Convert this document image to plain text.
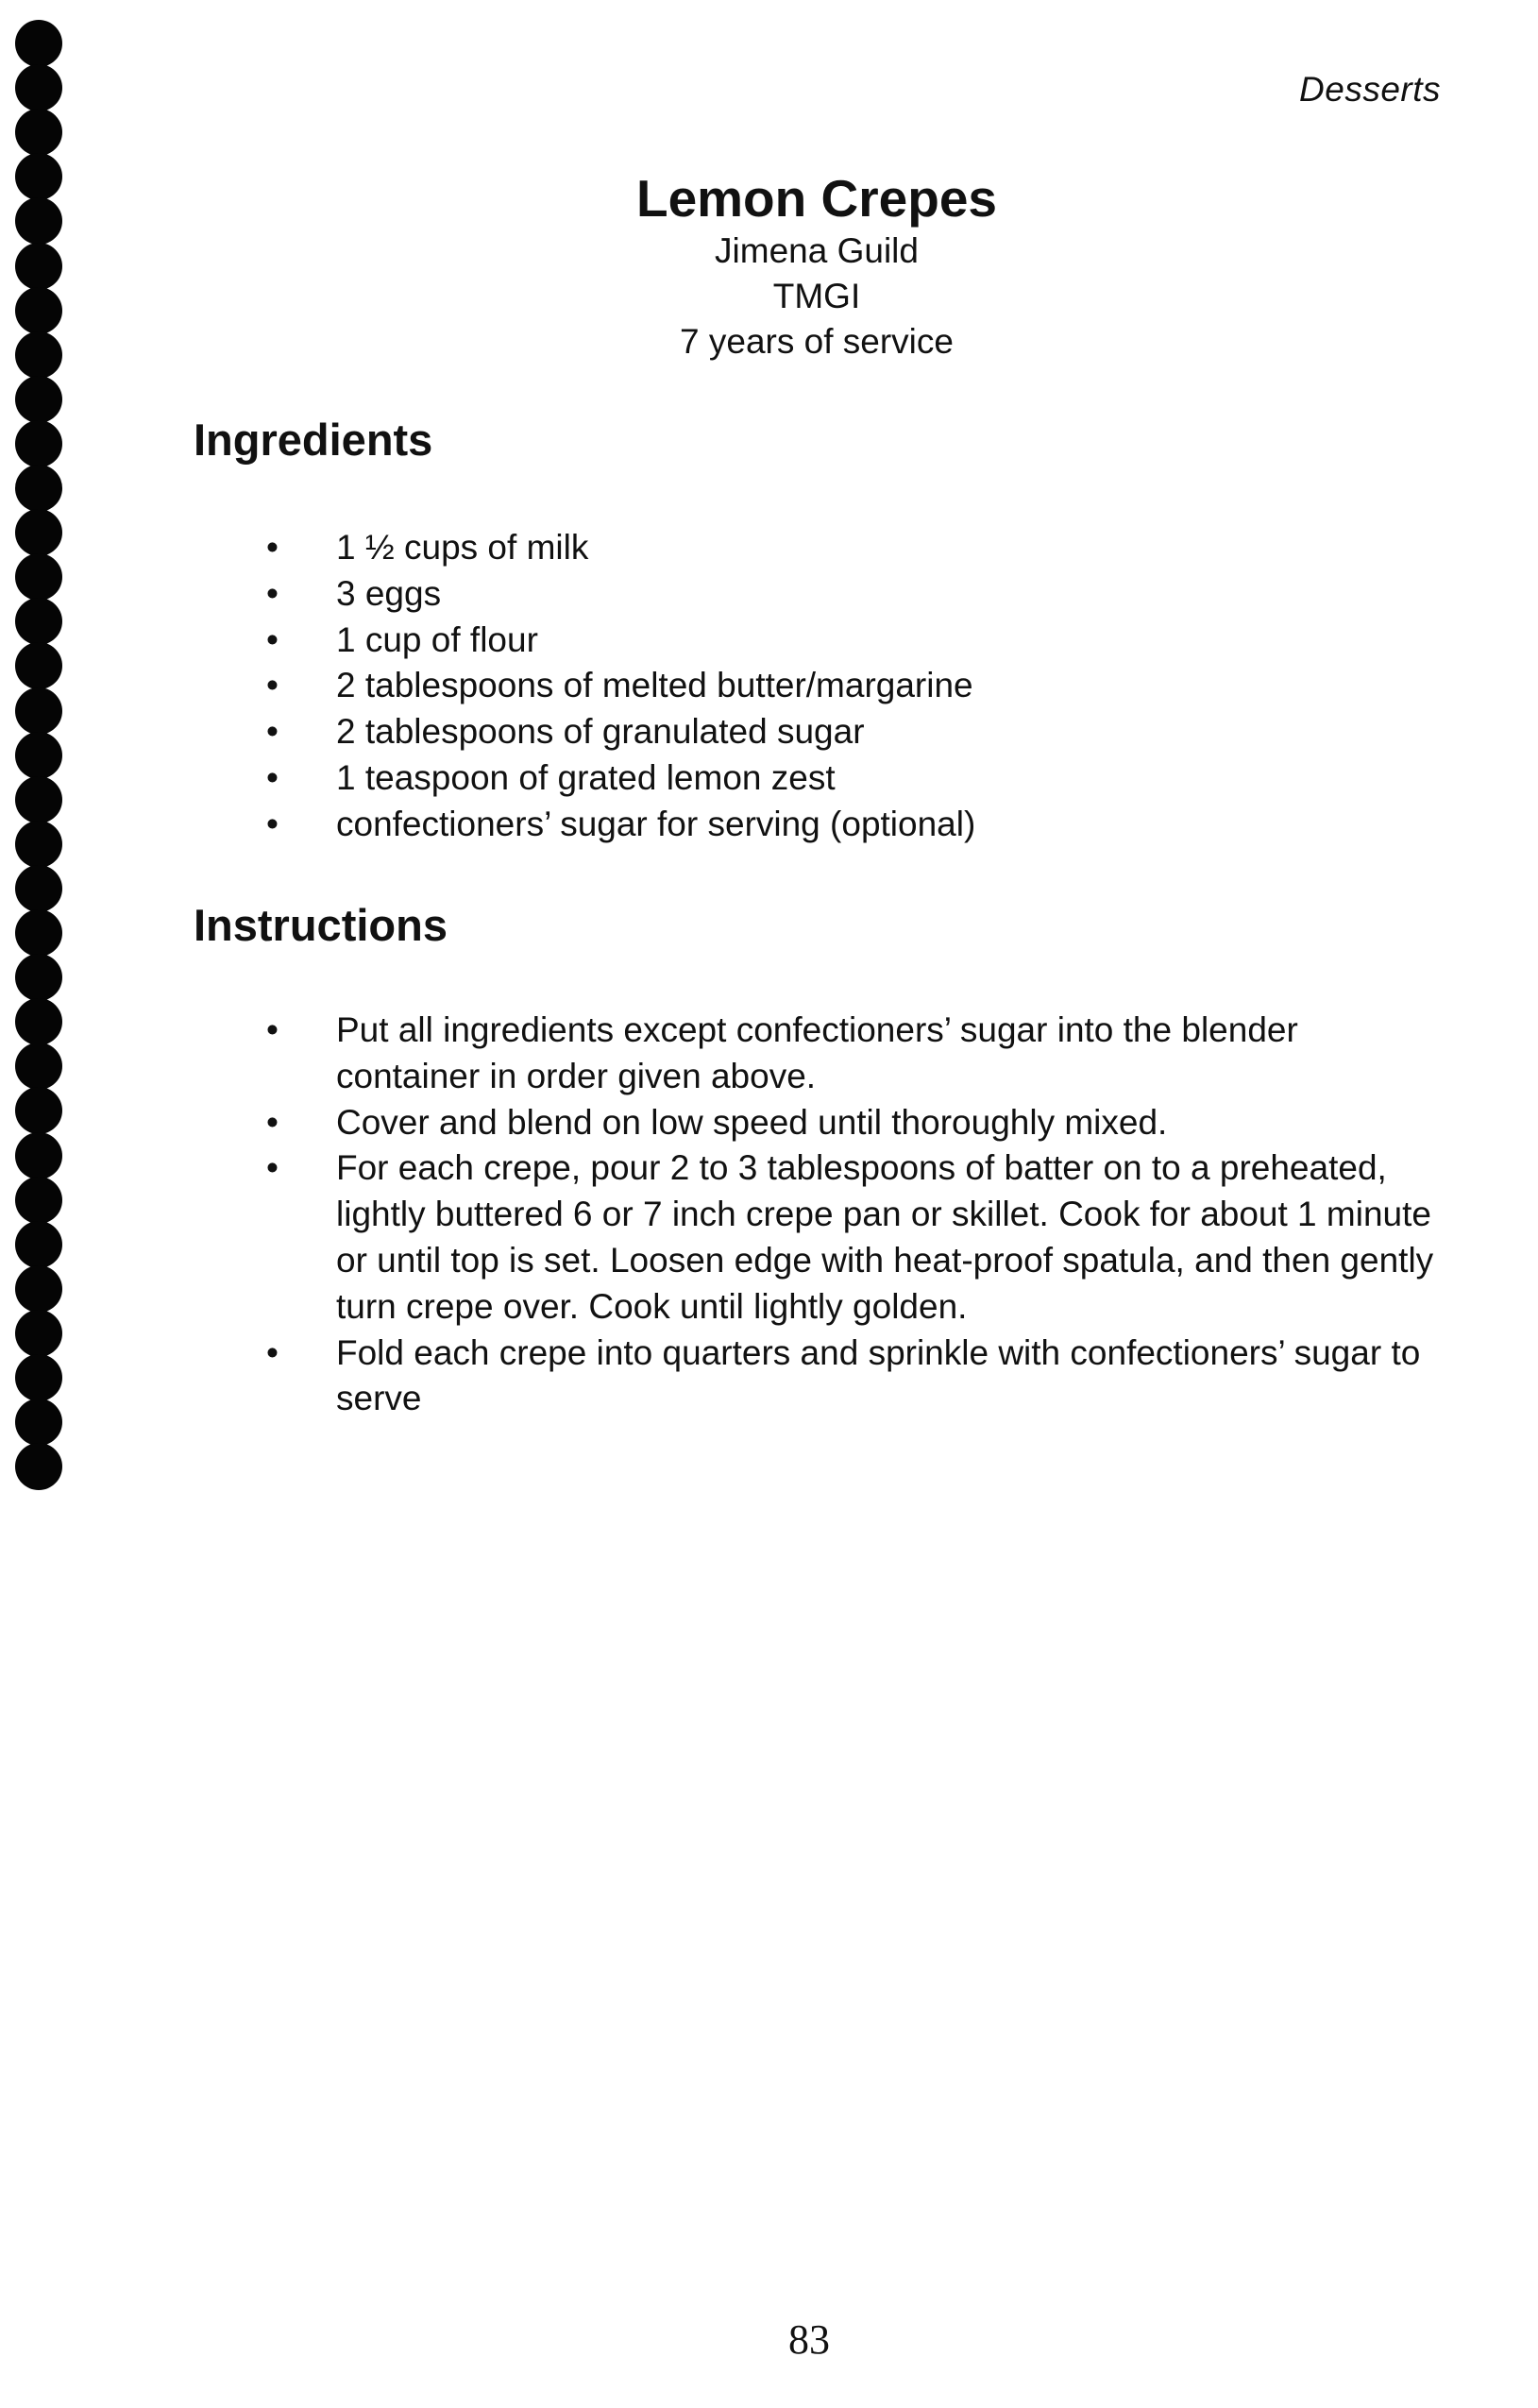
Desserts

Lemon Crepes

Jimena Guild

TMGI

7 years of service

Ingredients
• 1 ½ cups of milk
• 3 eggs
• 1 cup of flour
• 2 tablespoons of melted butter/margarine
• 2 tablespoons of granulated sugar
• 1 teaspoon of grated lemon zest
• confectioners’ sugar for serving (optional)
Instructions
• Put all ingredients except confectioners’ sugar into the blender container in order given above.
• Cover and blend on low speed until thoroughly mixed.
• For each crepe, pour 2 to 3 tablespoons of batter on to a preheated, lightly buttered 6 or 7 inch crepe pan or skillet. Cook for about 1 minute or until top is set. Loosen edge with heat-proof spatula, and then gently turn crepe over. Cook until lightly golden.
• Fold each crepe into quarters and sprinkle with confectioners’ sugar to serve
83
